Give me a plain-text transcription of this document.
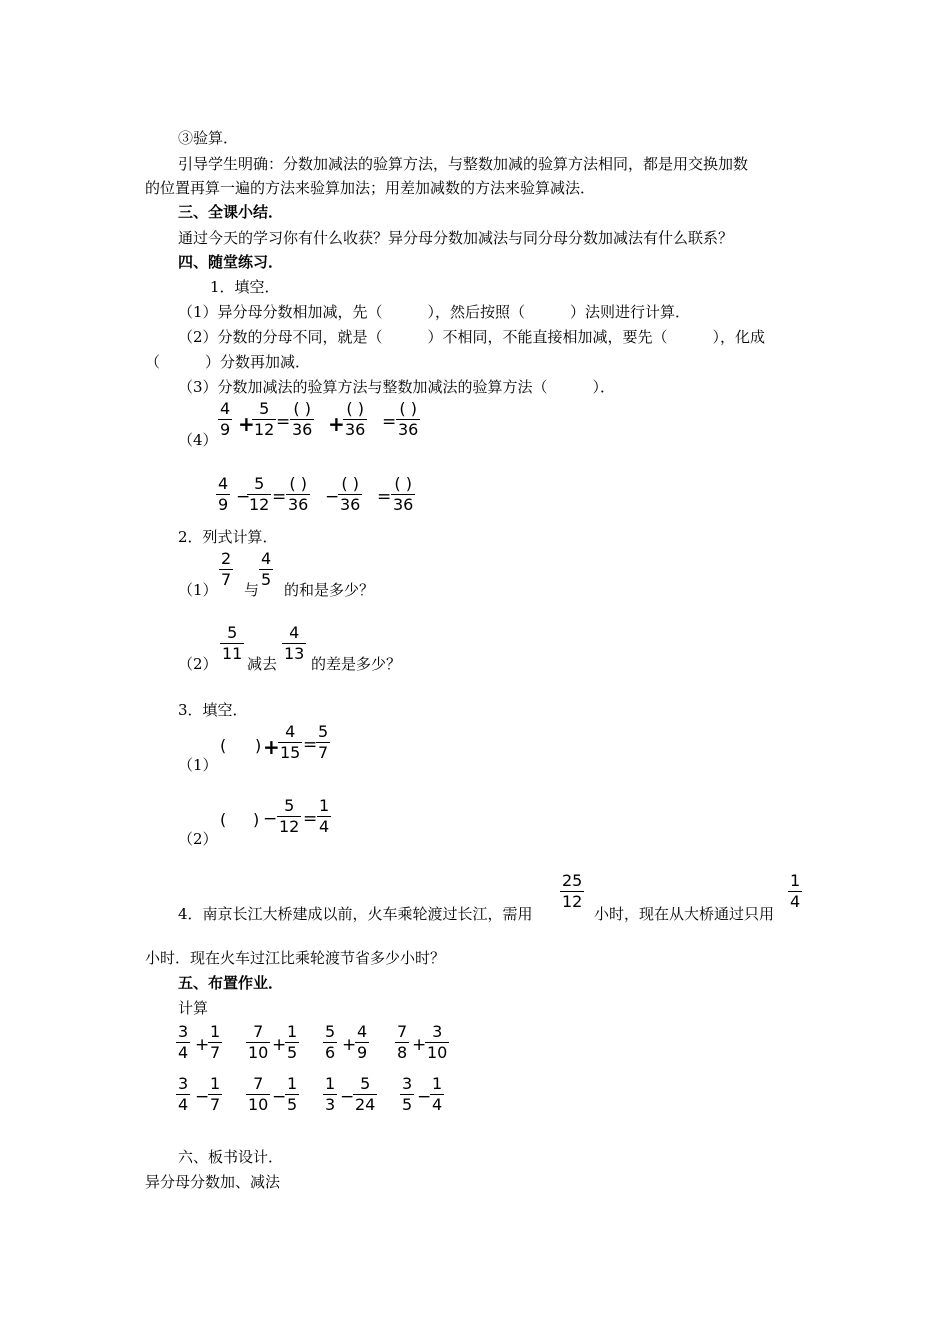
③验算．
引导学生明确：分数加减法的验算方法，与整数加减的验算方法相同，都是用交换加数
的位置再算一遍的方法来验算加法；用差加减数的方法来验算减法．
三、全课小结．
通过今天的学习你有什么收获？异分母分数加减法与同分母分数加减法有什么联系？
四、随堂练习．
1．填空．
（1）异分母分数相加减，先（　　　），然后按照（　　　）法则进行计算．
（2）分数的分母不同，就是（　　　）不相同，不能直接相加减，要先（　　　），化成
（　　　）分数再加减．
（3）分数加减法的验算方法与整数加减法的验算方法（　　　）．
（4）
4
9 +
5
12 =
( )
36 +
( )
36 =
( )
36
4
9 −
5
12 =
( )
36 −
( )
36 =
( )
36
2．列式计算．
（1）
2
7
与
4
5
的和是多少？
（2）
5
11
减去
4
13
的差是多少？
3．填空．
（1）
( ) +
4
15 =
5
7
（2）
( ) −
5
12 =
1
4
4．南京长江大桥建成以前，火车乘轮渡过长江，需用
25
12
小时，现在从大桥通过只用
1
4
小时．现在火车过江比乘轮渡节省多少小时？
五、布置作业．
计算
3
4 +
1
7
7
10 +
1
5
5
6 +
4
9
7
8 +
3
10
3
4 −
1
7
7
10 −
1
5
1
3 −
5
24
3
5 −
1
4
六、板书设计．
异分母分数加、减法
